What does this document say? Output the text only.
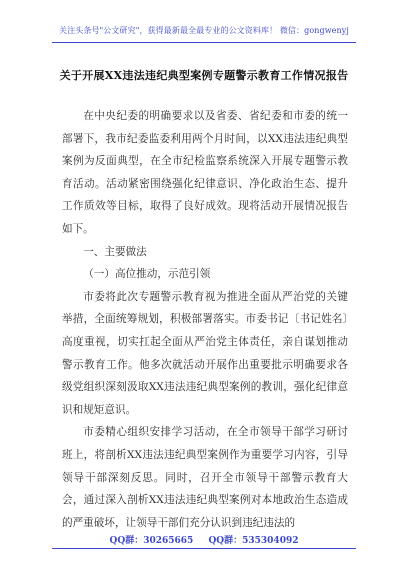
关注头条号"公文研究"，获得最新最全最专业的公文资料库！ 微信：gongwenyj
关于开展XX违法违纪典型案例专题警示教育工作情况报告

在中央纪委的明确要求以及省委、省纪委和市委的统一部署下，我市纪委监委利用两个月时间，以XX违法违纪典型案例为反面典型，在全市纪检监察系统深入开展专题警示教育活动。活动紧密围绕强化纪律意识、净化政治生态、提升工作质效等目标，取得了良好成效。现将活动开展情况报告如下。

一、主要做法

（一）高位推动，示范引领

市委将此次专题警示教育视为推进全面从严治党的关键举措，全面统筹规划，积极部署落实。市委书记〔书记姓名〕高度重视，切实扛起全面从严治党主体责任，亲自谋划推动警示教育工作。他多次就活动开展作出重要批示明确要求各级党组织深刻汲取XX违法违纪典型案例的教训，强化纪律意识和规矩意识。

市委精心组织安排学习活动，在全市领导干部学习研讨班上，将剖析XX违法违纪典型案例作为重要学习内容，引导领导干部深刻反思。同时，召开全市领导干部警示教育大会，通过深入剖析XX违法违纪典型案例对本地政治生态造成的严重破坏，让领导干部们充分认识到违纪违法的

QQ群：30265665 QQ群：535304092
